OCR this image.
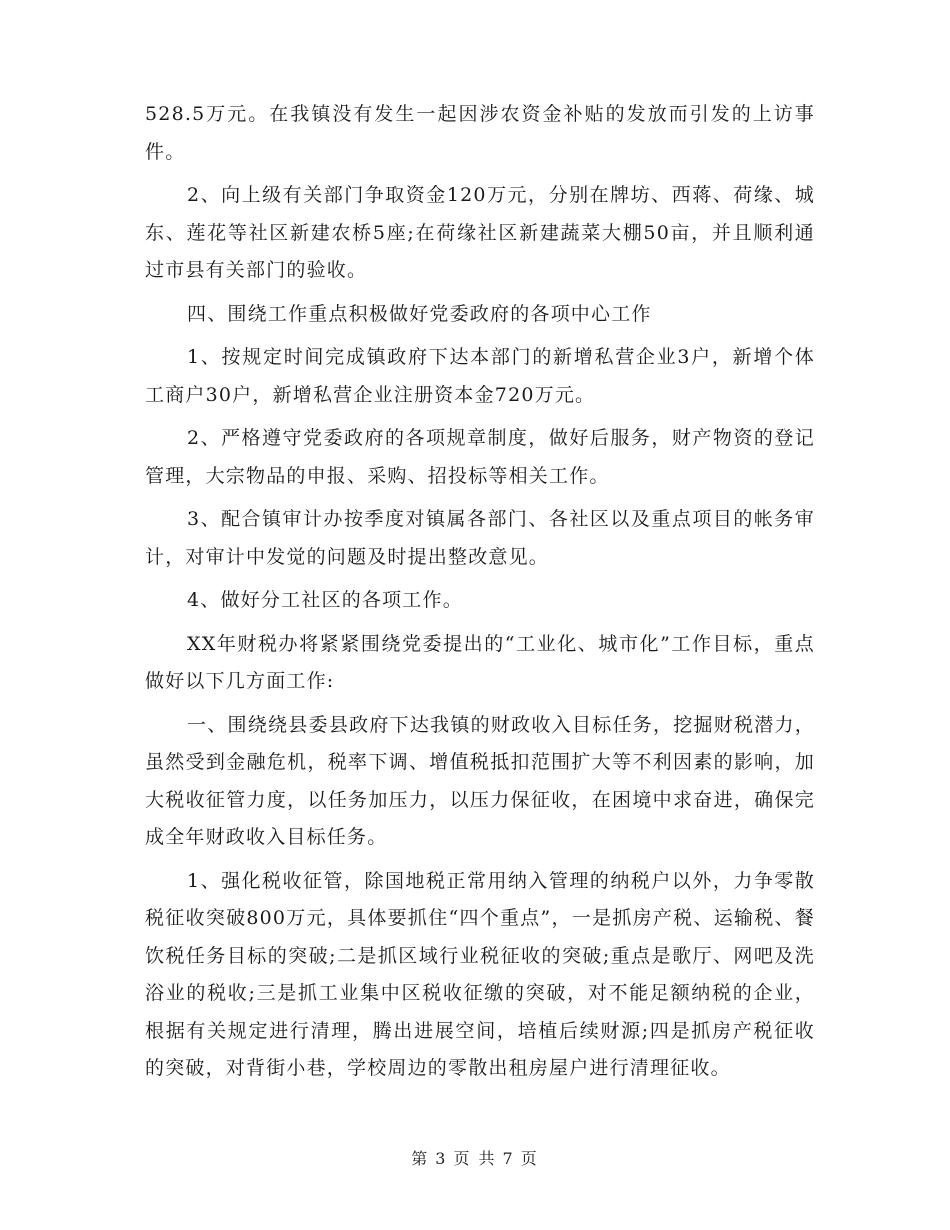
528.5万元。在我镇没有发生一起因涉农资金补贴的发放而引发的上访事件。

2、向上级有关部门争取资金120万元，分别在牌坊、西蒋、荷缘、城东、莲花等社区新建农桥5座;在荷缘社区新建蔬菜大棚50亩，并且顺利通过市县有关部门的验收。

四、围绕工作重点积极做好党委政府的各项中心工作

1、按规定时间完成镇政府下达本部门的新增私营企业3户，新增个体工商户30户，新增私营企业注册资本金720万元。

2、严格遵守党委政府的各项规章制度，做好后服务，财产物资的登记管理，大宗物品的申报、采购、招投标等相关工作。

3、配合镇审计办按季度对镇属各部门、各社区以及重点项目的帐务审计，对审计中发觉的问题及时提出整改意见。

4、做好分工社区的各项工作。

XX年财税办将紧紧围绕党委提出的“工业化、城市化”工作目标，重点做好以下几方面工作:

一、围绕绕县委县政府下达我镇的财政收入目标任务，挖掘财税潜力，虽然受到金融危机，税率下调、增值税抵扣范围扩大等不利因素的影响，加大税收征管力度，以任务加压力，以压力保征收，在困境中求奋进，确保完成全年财政收入目标任务。

1、强化税收征管，除国地税正常用纳入管理的纳税户以外，力争零散税征收突破800万元，具体要抓住“四个重点”，一是抓房产税、运输税、餐饮税任务目标的突破;二是抓区域行业税征收的突破;重点是歌厅、网吧及洗浴业的税收;三是抓工业集中区税收征缴的突破，对不能足额纳税的企业，根据有关规定进行清理，腾出进展空间，培植后续财源;四是抓房产税征收的突破，对背街小巷，学校周边的零散出租房屋户进行清理征收。

第 3 页 共 7 页
